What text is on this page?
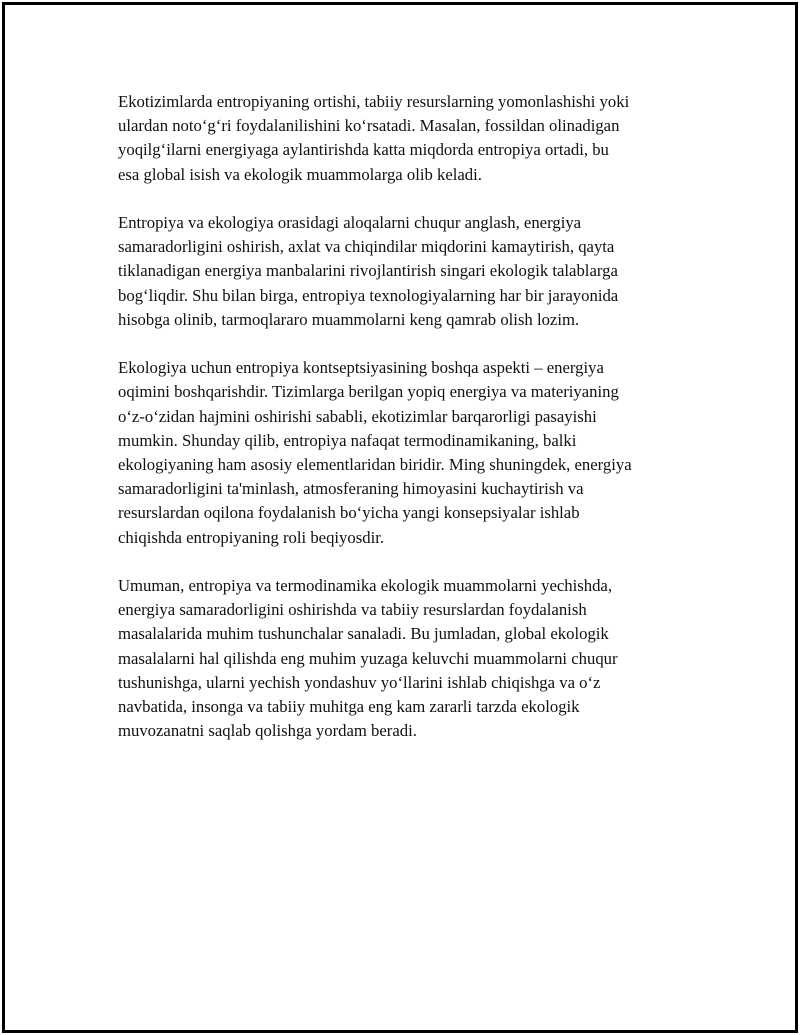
Ekotizimlarda entropiyaning ortishi, tabiiy resurslarning yomonlashishi yoki
ulardan noto‘g‘ri foydalanilishini ko‘rsatadi. Masalan, fossildan olinadigan
yoqilg‘ilarni energiyaga aylantirishda katta miqdorda entropiya ortadi, bu
esa global isish va ekologik muammolarga olib keladi.

Entropiya va ekologiya orasidagi aloqalarni chuqur anglash, energiya
samaradorligini oshirish, axlat va chiqindilar miqdorini kamaytirish, qayta
tiklanadigan energiya manbalarini rivojlantirish singari ekologik talablarga
bog‘liqdir. Shu bilan birga, entropiya texnologiyalarning har bir jarayonida
hisobga olinib, tarmoqlararo muammolarni keng qamrab olish lozim.

Ekologiya uchun entropiya kontseptsiyasining boshqa aspekti – energiya
oqimini boshqarishdir. Tizimlarga berilgan yopiq energiya va materiyaning
o‘z-o‘zidan hajmini oshirishi sababli, ekotizimlar barqarorligi pasayishi
mumkin. Shunday qilib, entropiya nafaqat termodinamikaning, balki
ekologiyaning ham asosiy elementlaridan biridir. Ming shuningdek, energiya
samaradorligini ta'minlash, atmosferaning himoyasini kuchaytirish va
resurslardan oqilona foydalanish bo‘yicha yangi konsepsiyalar ishlab
chiqishda entropiyaning roli beqiyosdir.

Umuman, entropiya va termodinamika ekologik muammolarni yechishda,
energiya samaradorligini oshirishda va tabiiy resurslardan foydalanish
masalalarida muhim tushunchalar sanaladi. Bu jumladan, global ekologik
masalalarni hal qilishda eng muhim yuzaga keluvchi muammolarni chuqur
tushunishga, ularni yechish yondashuv yo‘llarini ishlab chiqishga va o‘z
navbatida, insonga va tabiiy muhitga eng kam zararli tarzda ekologik
muvozanatni saqlab qolishga yordam beradi.
